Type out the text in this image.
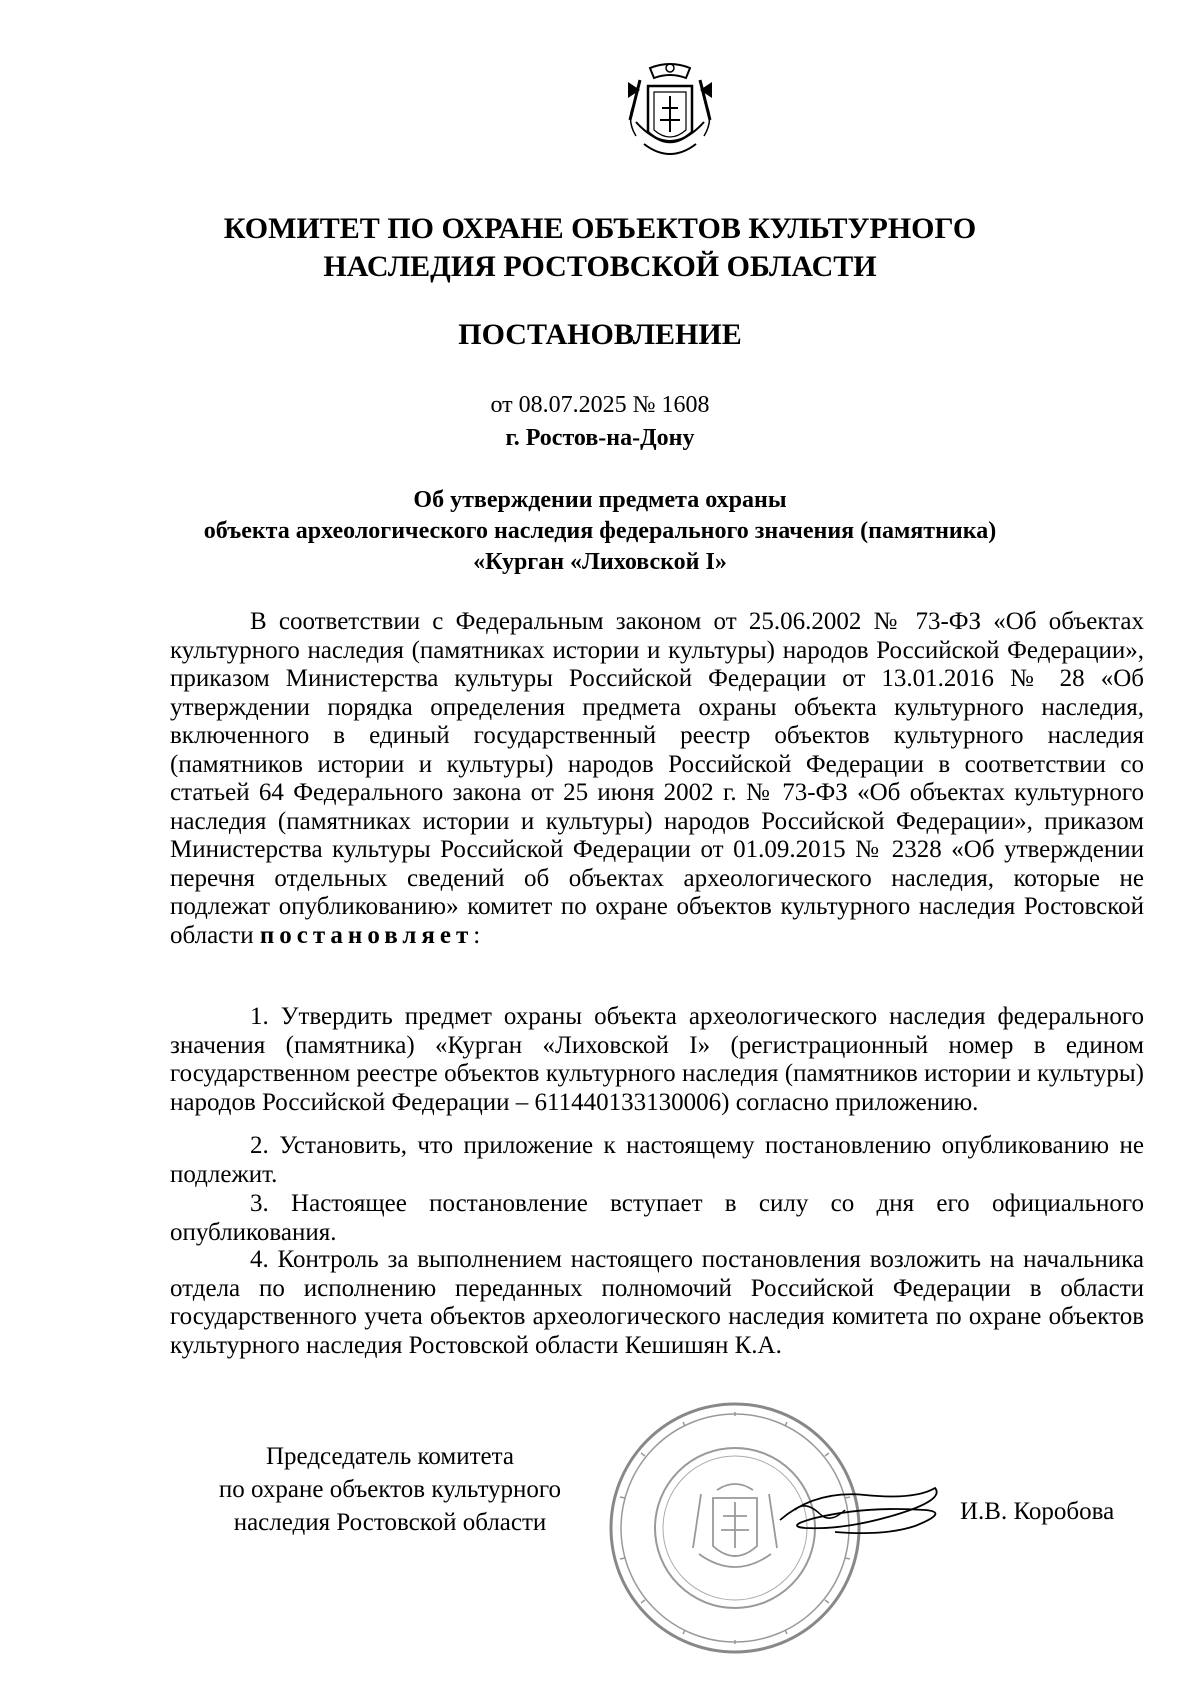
КОМИТЕТ ПО ОХРАНЕ ОБЪЕКТОВ КУЛЬТУРНОГО
НАСЛЕДИЯ РОСТОВСКОЙ ОБЛАСТИ
ПОСТАНОВЛЕНИЕ
от 08.07.2025 № 1608
г. Ростов-на-Дону
Об утверждении предмета охраны
объекта археологического наследия федерального значения (памятника)
«Курган «Лиховской I»

В соответствии с Федеральным законом от 25.06.2002 № 73-ФЗ «Об объектах культурного наследия (памятниках истории и культуры) народов Российской Федерации», приказом Министерства культуры Российской Федерации от 13.01.2016 № 28 «Об утверждении порядка определения предмета охраны объекта культурного наследия, включенного в единый государственный реестр объектов культурного наследия (памятников истории и культуры) народов Российской Федерации в соответствии со статьей 64 Федерального закона от 25 июня 2002 г. № 73-ФЗ «Об объектах культурного наследия (памятниках истории и культуры) народов Российской Федерации», приказом Министерства культуры Российской Федерации от 01.09.2015 № 2328 «Об утверждении перечня отдельных сведений об объектах археологического наследия, которые не подлежат опубликованию» комитет по охране объектов культурного наследия Ростовской области постановляет:

1. Утвердить предмет охраны объекта археологического наследия федерального значения (памятника) «Курган «Лиховской I» (регистрационный номер в едином государственном реестре объектов культурного наследия (памятников истории и культуры) народов Российской Федерации – 611440133130006) согласно приложению.

2. Установить, что приложение к настоящему постановлению опубликованию не подлежит.

3. Настоящее постановление вступает в силу со дня его официального опубликования.

4. Контроль за выполнением настоящего постановления возложить на начальника отдела по исполнению переданных полномочий Российской Федерации в области государственного учета объектов археологического наследия комитета по охране объектов культурного наследия Ростовской области Кешишян К.А.

Председатель комитета
по охране объектов культурного
наследия Ростовской области	И.В. Коробова
